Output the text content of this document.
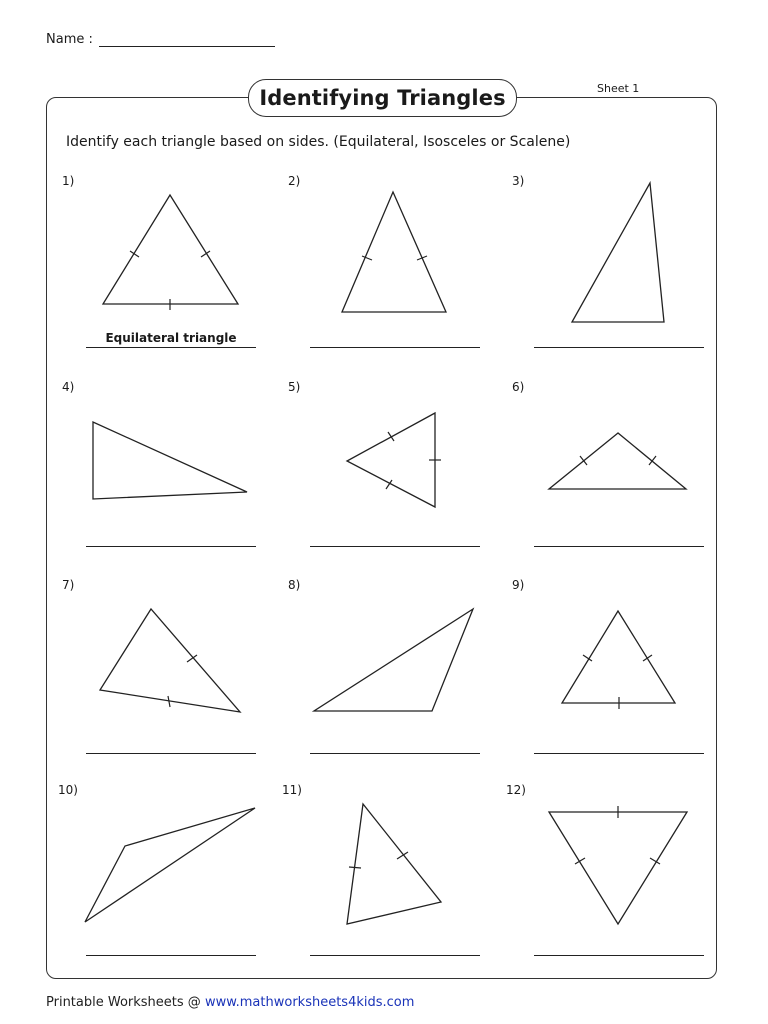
Name :
Identifying Triangles	Sheet 1
Identify each triangle based on sides. (Equilateral, Isosceles or Scalene)
1)	2)	3)
4)	5)	6)
7)	8)	9)
10)	11)	12)
Equilateral triangle
Printable Worksheets @ www.mathworksheets4kids.com
